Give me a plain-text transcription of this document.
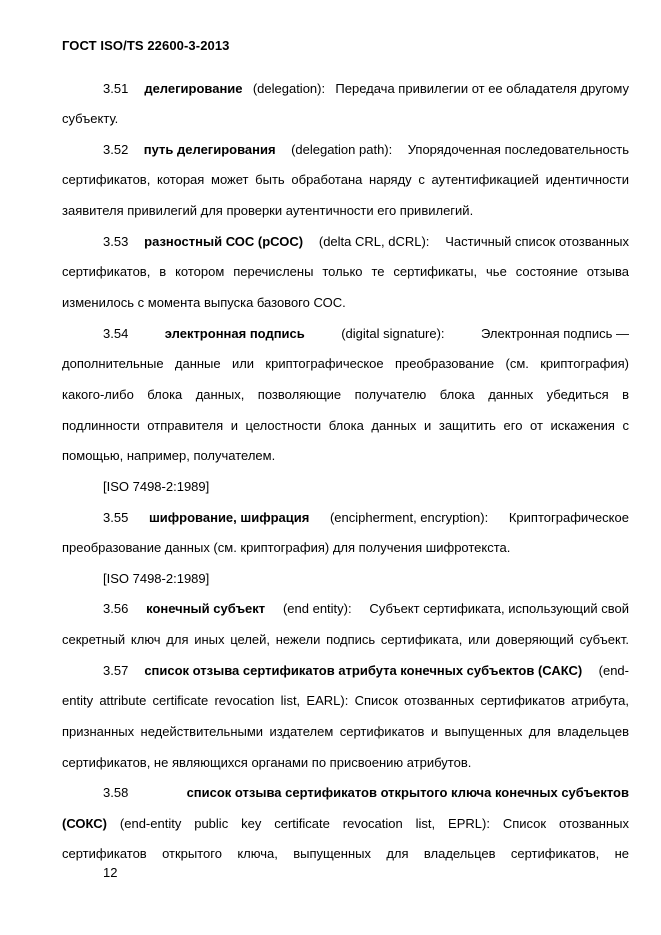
ГОСТ ISO/TS 22600-3-2013
3.51 делегирование (delegation): Передача привилегии от ее обладателя другому
субъекту.
3.52 путь делегирования (delegation path): Упорядоченная последовательность
сертификатов, которая может быть обработана наряду с аутентификацией идентичности
заявителя привилегий для проверки аутентичности его привилегий.
3.53 разностный СОС (рСОС) (delta CRL, dCRL): Частичный список отозванных
сертификатов, в котором перечислены только те сертификаты, чье состояние отзыва
изменилось с момента выпуска базового СОС.
3.54	электронная подпись	(digital signature):	Электронная подпись —
дополнительные данные или криптографическое преобразование (см. криптография)
какого-либо блока данных, позволяющие получателю блока данных убедиться в
подлинности отправителя и целостности блока данных и защитить его от искажения с
помощью, например, получателем.
[ISO 7498-2:1989]
3.55 шифрование, шифрация (encipherment, encryption): Криптографическое
преобразование данных (см. криптография) для получения шифротекста.
[ISO 7498-2:1989]
3.56 конечный субъект (end entity): Субъект сертификата, использующий свой
секретный ключ для иных целей, нежели подпись сертификата, или доверяющий субъект.
3.57 список отзыва сертификатов атрибута конечных субъектов (САКС) (end-
entity attribute certificate revocation list, EARL): Список отозванных сертификатов атрибута,
признанных недействительными издателем сертификатов и выпущенных для владельцев
сертификатов, не являющихся органами по присвоению атрибутов.
3.58	список отзыва сертификатов открытого ключа конечных субъектов
(СОКС) (end-entity public key certificate revocation list, EPRL): Список отозванных
сертификатов открытого ключа, выпущенных для владельцев сертификатов, не
12
